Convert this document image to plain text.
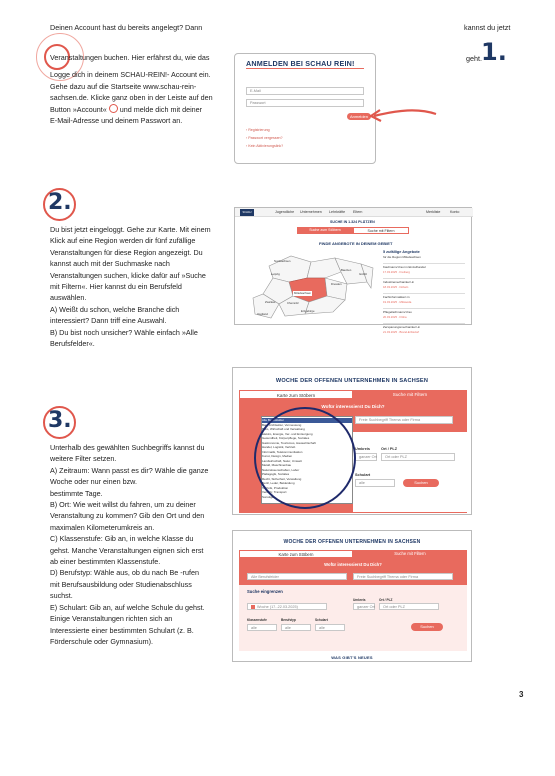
Deinen Account hast du bereits angelegt? Dann	kannst du jetzt
geht. 1.
Veranstaltungen buchen. Hier erfährst du, wie das
Logge dich in deinem SCHAU-REIN!- Account ein.
Gehe dazu auf die Startseite www.schau-rein-
sachsen.de. Klicke ganz oben in der Leiste auf den
Button »Account« und melde dich mit deiner
E-Mail-Adresse und deinem Passwort an.
ANMELDEN BEI SCHAU REIN!
E-Mail
Passwort
Anmelden
› Registrierung
› Passwort vergessen?
› Kein Aktivierungslink?
2.
Du bist jetzt eingeloggt. Gehe zur Karte. Mit einem
Klick auf eine Region werden dir fünf zufällige
Veranstaltungen für diese Region angezeigt. Du
kannst auch mit der Suchmaske nach
Veranstaltungen suchen, klicke dafür auf »Suche
mit Filtern«. Hier kannst du ein Berufsfeld
auswählen.
A) Weißt du schon, welche Branche dich
interessiert? Dann triff eine Auswahl.
B) Du bist noch unsicher? Wähle einfach »Alle
Berufsfelder«.
SCHAU REIN
Jugendliche Unternehmen Lehrkräfte Eltern	Merkliste	Konto
SUCHE IN 1.324 PLÄTZEN
Suche zum Stöbern	Suche mit Filtern
FINDE ANGEBOTE IN DEINEM GEBIET
Nordsachsen
Leipzig
Mittelsachsen
Dresden
Bautzen
Zwickau	Chemnitz
Erzgebirge
Vogtland
Görlitz
5 zufällige Angebote
für die Region Mittelsachsen
Kaufmann/-frau im Einzelhandel
17.03.2025 · Freiberg
Industriemechaniker/-in
18.03.2025 · Döbeln
Fachinformatiker/-in
19.03.2025 · Mittweida
Pflegefachmann/-frau
20.03.2025 · Flöha
Zerspanungsmechaniker/-in
21.03.2025 · Brand-Erbisdorf
3.
Unterhalb des gewählten Suchbegriffs kannst du
weitere Filter setzen.
A) Zeitraum: Wann passt es dir? Wähle die ganze
Woche oder nur einen bzw.
bestimmte Tage.
B) Ort: Wie weit willst du fahren, um zu deiner
Veranstaltung zu kommen? Gib den Ort und den
maximalen Kilometerumkreis an.
C) Klassenstufe: Gib an, in welche Klasse du
gehst. Manche Veranstaltungen eignen sich erst
ab einer bestimmten Klassenstufe.
D) Berufstyp: Wähle aus, ob du nach Be -rufen
mit Berufsausbildung oder Studienabschluss
suchst.
E) Schulart: Gib an, auf welche Schule du gehst.
Einige Veranstaltungen richten sich an
Interessierte einer bestimmten Schulart (z. B.
Förderschule oder Gymnasium).
WOCHE DER OFFENEN UNTERNEHMEN IN SACHSEN
Karte zum Stöbern	Suche mit Filtern
Wofür interessierst Du Dich?
Freie Suchbegriff Thema oder Firma
Umkreis	Ort / PLZ
ganzer Ort	Ort oder PLZ
Schulart
alle	Suchen
Alle Berufsfelder
Bau, Architektur, Vermessung
Büro, Wirtschaft und Verwaltung
Elektro, Energie, Ver- und Entsorgung
Gesundheit, Körperpflege, Soziales
Gastronomie, Tourismus, Hauswirtschaft
Handel, Logistik, Vertrieb
Informatik, Telekommunikation
Kunst, Design, Medien
Landwirtschaft, Natur, Umwelt
Metall, Maschinenbau
Naturwissenschaften, Labor
Pädagogik, Soziales
Recht, Sicherheit, Verwaltung
Textil, Leder, Bekleidung
Technik, Produktion
Verkehr, Transport
Sonstiges
WOCHE DER OFFENEN UNTERNEHMEN IN SACHSEN
Karte zum Stöbern	Suche mit Filtern
Wofür interessierst Du Dich?
Alle Berufsfelder	Freie Suchbegriff Thema oder Firma
Suche eingrenzen
Umkreis	Ort / PLZ
Woche (17.-22.03.2025)	ganzer Ort	Ort oder PLZ
Klassenstufe	Berufstyp	Schulart
alle	alle	alle	Suchen
WAS GIBT'S NEUES
3
